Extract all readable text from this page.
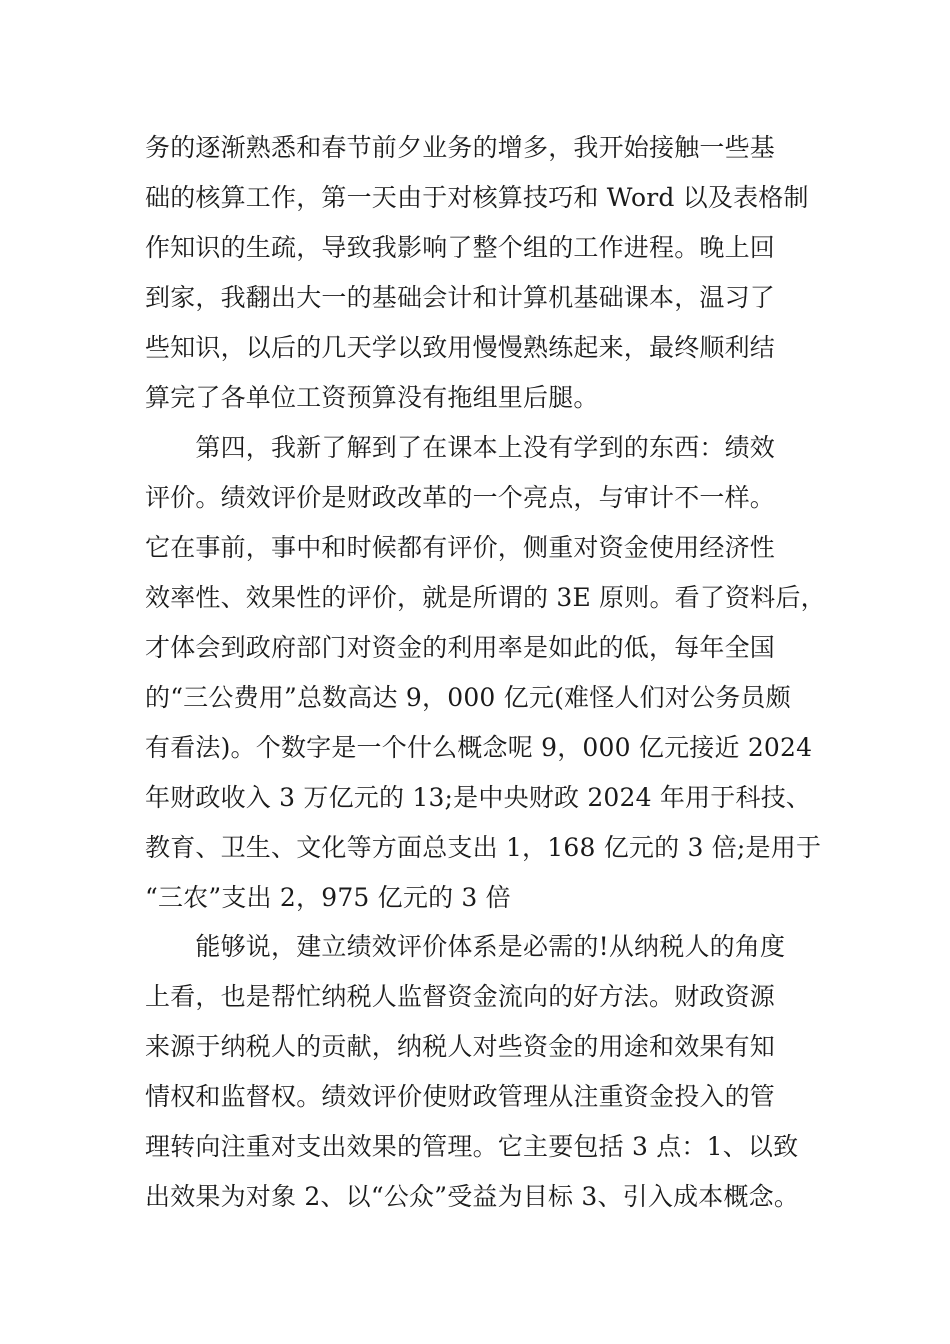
务的逐渐熟悉和春节前夕业务的增多，我开始接触一些基
础的核算工作，第一天由于对核算技巧和 Word 以及表格制
作知识的生疏，导致我影响了整个组的工作进程。晚上回
到家，我翻出大一的基础会计和计算机基础课本，温习了
些知识，以后的几天学以致用慢慢熟练起来，最终顺利结
算完了各单位工资预算没有拖组里后腿。
　　第四，我新了解到了在课本上没有学到的东西：绩效
评价。绩效评价是财政改革的一个亮点，与审计不一样。
它在事前，事中和时候都有评价，侧重对资金使用经济性
效率性、效果性的评价，就是所谓的 3E 原则。看了资料后，
才体会到政府部门对资金的利用率是如此的低，每年全国
的“三公费用”总数高达 9，000 亿元(难怪人们对公务员颇
有看法)。个数字是一个什么概念呢 9，000 亿元接近 2024
年财政收入 3 万亿元的 13;是中央财政 2024 年用于科技、
教育、卫生、文化等方面总支出 1，168 亿元的 3 倍;是用于
“三农”支出 2，975 亿元的 3 倍
　　能够说，建立绩效评价体系是必需的!从纳税人的角度
上看，也是帮忙纳税人监督资金流向的好方法。财政资源
来源于纳税人的贡献，纳税人对些资金的用途和效果有知
情权和监督权。绩效评价使财政管理从注重资金投入的管
理转向注重对支出效果的管理。它主要包括 3 点：1、以致
出效果为对象 2、以“公众”受益为目标 3、引入成本概念。
